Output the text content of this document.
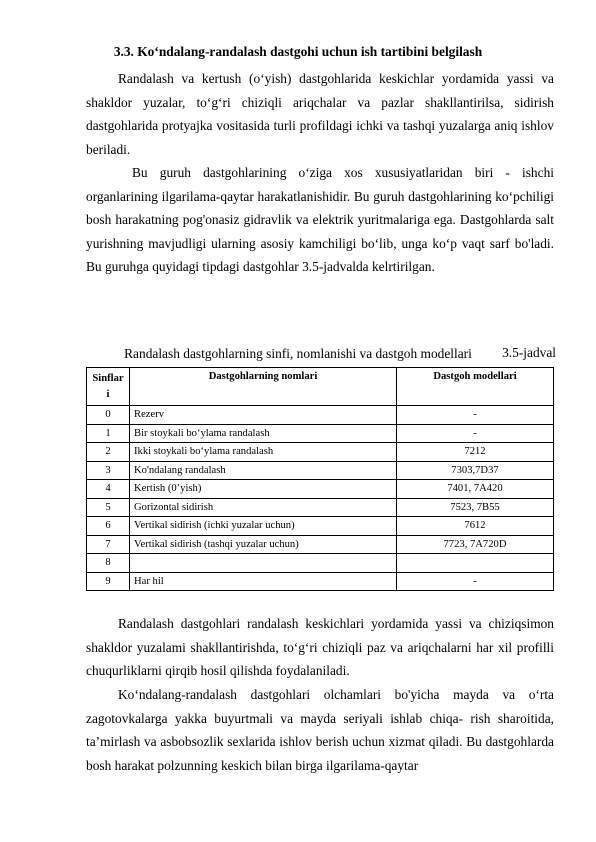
3.3. Ko‘ndalang-randalash dastgohi uchun ish tartibini belgilash

Randalash va kertush (o‘yish) dastgohlarida keskichlar yordamida yassi va shakldor yuzalar, to‘g‘ri chiziqli ariqchalar va pazlar shakllantirilsa, sidirish dastgohlarida protyajka vositasida turli profildagi ichki va tashqi yuzalarga aniq ishlov beriladi.

Bu guruh dastgohlarining o‘ziga xos xususiyatlaridan biri - ishchi organlarining ilgarilama-qaytar harakatlanishidir. Bu guruh dastgohlarining ko‘pchiligi bosh harakatning pog'onasiz gidravlik va elektrik yuritmalariga ega. Dastgohlarda salt yurishning mavjudligi ularning asosiy kamchiligi bo‘lib, unga ko‘p vaqt sarf bo'ladi. Bu guruhga quyidagi tipdagi dastgohlar 3.5-jadvalda kelrtirilgan.

3.5-jadval
Randalash dastgohlarning sinfi, nomlanishi va dastgoh modellari
Sinflar i	Dastgohlarning nomlari	Dastgoh modellari
0	Rezerv	-
1	Bir stoykali bo‘ylama randalash	-
2	Ikki stoykali bo‘ylama randalash	7212
3	Ko'ndalang randalash	7303,7D37
4	Kertish (0’yish)	7401, 7A420
5	Gorizontal sidirish	7523, 7B55
6	Vertikal sidirish (ichki yuzalar uchun)	7612
7	Vertikal sidirish (tashqi yuzalar uchun)	7723, 7A720D
8		
9	Har hil	-

Randalash dastgohlari randalash keskichlari yordamida yassi va chiziqsimon shakldor yuzalami shakllantirishda, to‘g‘ri chiziqli paz va ariqchalarni har xil profilli chuqurliklarni qirqib hosil qilishda foydalaniladi.

Ko‘ndalang-randalash dastgohlari olchamlari bo'yicha mayda va o‘rta zagotovkalarga yakka buyurtmali va mayda seriyali ishlab chiqa- rish sharoitida, ta’mirlash va asbobsozlik sexlarida ishlov berish uchun xizmat qiladi. Bu dastgohlarda bosh harakat polzunning keskich bilan birga ilgarilama-qaytar
